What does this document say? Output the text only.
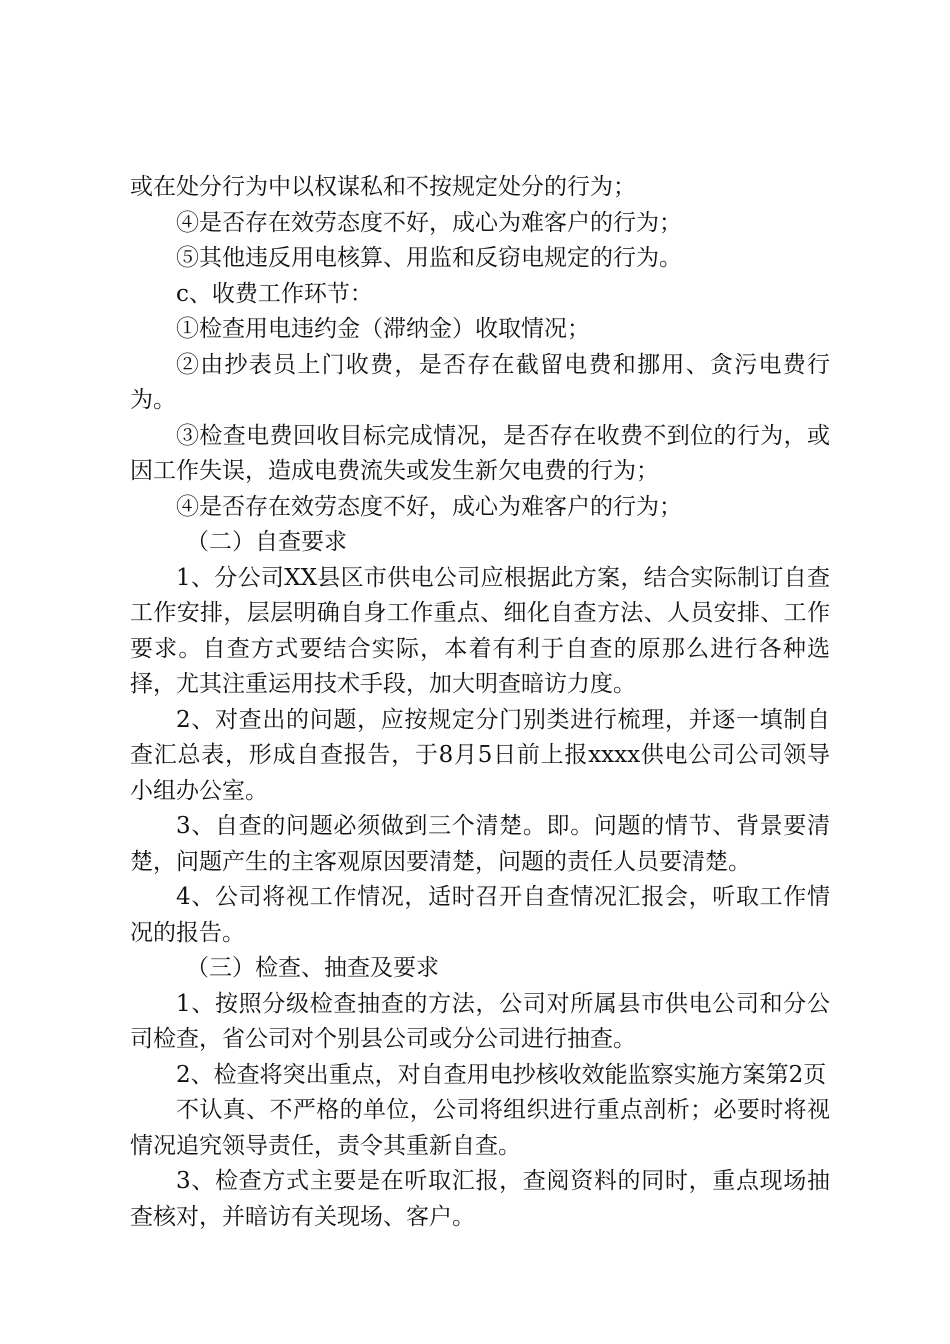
或在处分行为中以权谋私和不按规定处分的行为；

④是否存在效劳态度不好，成心为难客户的行为；

⑤其他违反用电核算、用监和反窃电规定的行为。

c、收费工作环节：

①检查用电违约金（滞纳金）收取情况；

②由抄表员上门收费，是否存在截留电费和挪用、贪污电费行为。

③检查电费回收目标完成情况，是否存在收费不到位的行为，或因工作失误，造成电费流失或发生新欠电费的行为；

④是否存在效劳态度不好，成心为难客户的行为；

（二）自查要求

1、分公司XX县区市供电公司应根据此方案，结合实际制订自查工作安排，层层明确自身工作重点、细化自查方法、人员安排、工作要求。自查方式要结合实际，本着有利于自查的原那么进行各种选择，尤其注重运用技术手段，加大明查暗访力度。

2、对查出的问题，应按规定分门别类进行梳理，并逐一填制自查汇总表，形成自查报告，于8月5日前上报xxxx供电公司公司领导小组办公室。

3、自查的问题必须做到三个清楚。即。问题的情节、背景要清楚，问题产生的主客观原因要清楚，问题的责任人员要清楚。

4、公司将视工作情况，适时召开自查情况汇报会，听取工作情况的报告。

（三）检查、抽查及要求

1、按照分级检查抽查的方法，公司对所属县市供电公司和分公司检查，省公司对个别县公司或分公司进行抽查。

2、检查将突出重点，对自查用电抄核收效能监察实施方案第2页

不认真、不严格的单位，公司将组织进行重点剖析；必要时将视情况追究领导责任，责令其重新自查。

3、检查方式主要是在听取汇报，查阅资料的同时，重点现场抽查核对，并暗访有关现场、客户。
